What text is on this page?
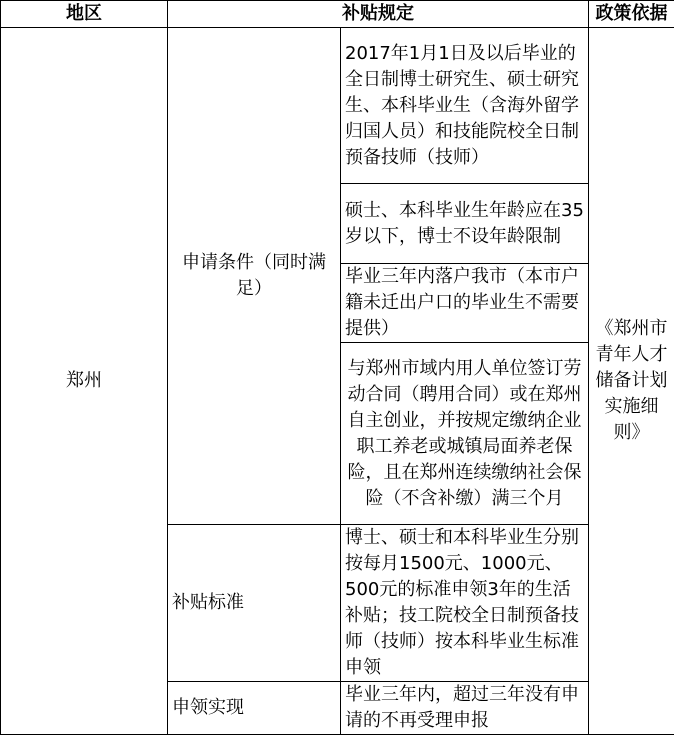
地区	补贴规定		政策依据
郑州	申请条件（同时满足）	2017年1月1日及以后毕业的全日制博士研究生、硕士研究生、本科毕业生（含海外留学归国人员）和技能院校全日制预备技师（技师）	《郑州市青年人才储备计划实施细则》
		硕士、本科毕业生年龄应在35岁以下，博士不设年龄限制	
		毕业三年内落户我市（本市户籍未迁出户口的毕业生不需要提供）	
		与郑州市域内用人单位签订劳动合同（聘用合同）或在郑州自主创业，并按规定缴纳企业职工养老或城镇局面养老保险，且在郑州连续缴纳社会保险（不含补缴）满三个月	
	补贴标准	博士、硕士和本科毕业生分别按每月1500元、1000元、500元的标准申领3年的生活补贴；技工院校全日制预备技师（技师）按本科毕业生标准申领	
	申领实现	毕业三年内，超过三年没有申请的不再受理申报	
